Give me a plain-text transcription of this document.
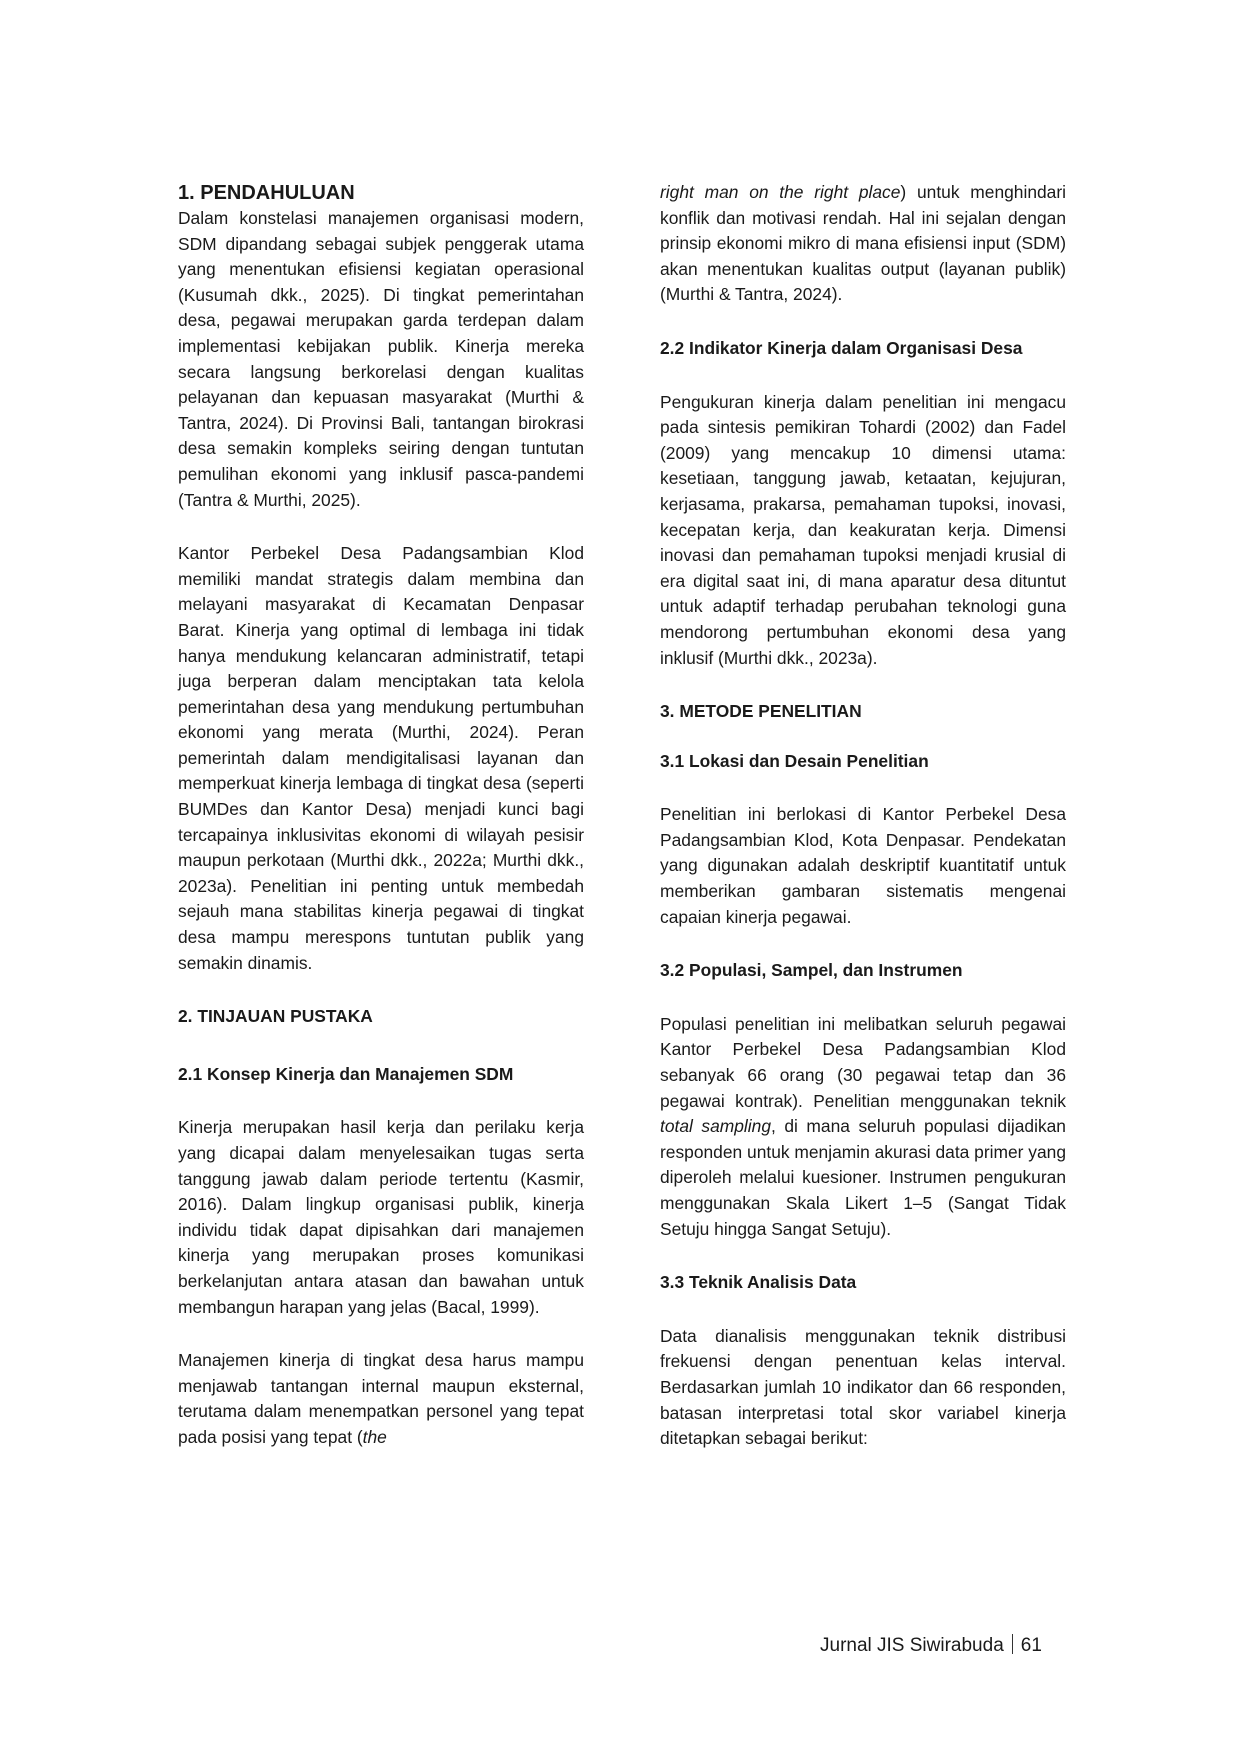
1. PENDAHULUAN

Dalam konstelasi manajemen organisasi modern, SDM dipandang sebagai subjek penggerak utama yang menentukan efisiensi kegiatan operasional (Kusumah dkk., 2025). Di tingkat pemerintahan desa, pegawai merupakan garda terdepan dalam implementasi kebijakan publik. Kinerja mereka secara langsung berkorelasi dengan kualitas pelayanan dan kepuasan masyarakat (Murthi & Tantra, 2024). Di Provinsi Bali, tantangan birokrasi desa semakin kompleks seiring dengan tuntutan pemulihan ekonomi yang inklusif pasca-pandemi (Tantra & Murthi, 2025).

Kantor Perbekel Desa Padangsambian Klod memiliki mandat strategis dalam membina dan melayani masyarakat di Kecamatan Denpasar Barat. Kinerja yang optimal di lembaga ini tidak hanya mendukung kelancaran administratif, tetapi juga berperan dalam menciptakan tata kelola pemerintahan desa yang mendukung pertumbuhan ekonomi yang merata (Murthi, 2024). Peran pemerintah dalam mendigitalisasi layanan dan memperkuat kinerja lembaga di tingkat desa (seperti BUMDes dan Kantor Desa) menjadi kunci bagi tercapainya inklusivitas ekonomi di wilayah pesisir maupun perkotaan (Murthi dkk., 2022a; Murthi dkk., 2023a). Penelitian ini penting untuk membedah sejauh mana stabilitas kinerja pegawai di tingkat desa mampu merespons tuntutan publik yang semakin dinamis.

2. TINJAUAN PUSTAKA
2.1 Konsep Kinerja dan Manajemen SDM

Kinerja merupakan hasil kerja dan perilaku kerja yang dicapai dalam menyelesaikan tugas serta tanggung jawab dalam periode tertentu (Kasmir, 2016). Dalam lingkup organisasi publik, kinerja individu tidak dapat dipisahkan dari manajemen kinerja yang merupakan proses komunikasi berkelanjutan antara atasan dan bawahan untuk membangun harapan yang jelas (Bacal, 1999).

Manajemen kinerja di tingkat desa harus mampu menjawab tantangan internal maupun eksternal, terutama dalam menempatkan personel yang tepat pada posisi yang tepat (the

right man on the right place) untuk menghindari konflik dan motivasi rendah. Hal ini sejalan dengan prinsip ekonomi mikro di mana efisiensi input (SDM) akan menentukan kualitas output (layanan publik) (Murthi & Tantra, 2024).

2.2 Indikator Kinerja dalam Organisasi Desa

Pengukuran kinerja dalam penelitian ini mengacu pada sintesis pemikiran Tohardi (2002) dan Fadel (2009) yang mencakup 10 dimensi utama: kesetiaan, tanggung jawab, ketaatan, kejujuran, kerjasama, prakarsa, pemahaman tupoksi, inovasi, kecepatan kerja, dan keakuratan kerja. Dimensi inovasi dan pemahaman tupoksi menjadi krusial di era digital saat ini, di mana aparatur desa dituntut untuk adaptif terhadap perubahan teknologi guna mendorong pertumbuhan ekonomi desa yang inklusif (Murthi dkk., 2023a).

3. METODE PENELITIAN
3.1 Lokasi dan Desain Penelitian

Penelitian ini berlokasi di Kantor Perbekel Desa Padangsambian Klod, Kota Denpasar. Pendekatan yang digunakan adalah deskriptif kuantitatif untuk memberikan gambaran sistematis mengenai capaian kinerja pegawai.

3.2 Populasi, Sampel, dan Instrumen

Populasi penelitian ini melibatkan seluruh pegawai Kantor Perbekel Desa Padangsambian Klod sebanyak 66 orang (30 pegawai tetap dan 36 pegawai kontrak). Penelitian menggunakan teknik total sampling, di mana seluruh populasi dijadikan responden untuk menjamin akurasi data primer yang diperoleh melalui kuesioner. Instrumen pengukuran menggunakan Skala Likert 1–5 (Sangat Tidak Setuju hingga Sangat Setuju).

3.3 Teknik Analisis Data

Data dianalisis menggunakan teknik distribusi frekuensi dengan penentuan kelas interval. Berdasarkan jumlah 10 indikator dan 66 responden, batasan interpretasi total skor variabel kinerja ditetapkan sebagai berikut:

Jurnal JIS Siwirabuda 61
